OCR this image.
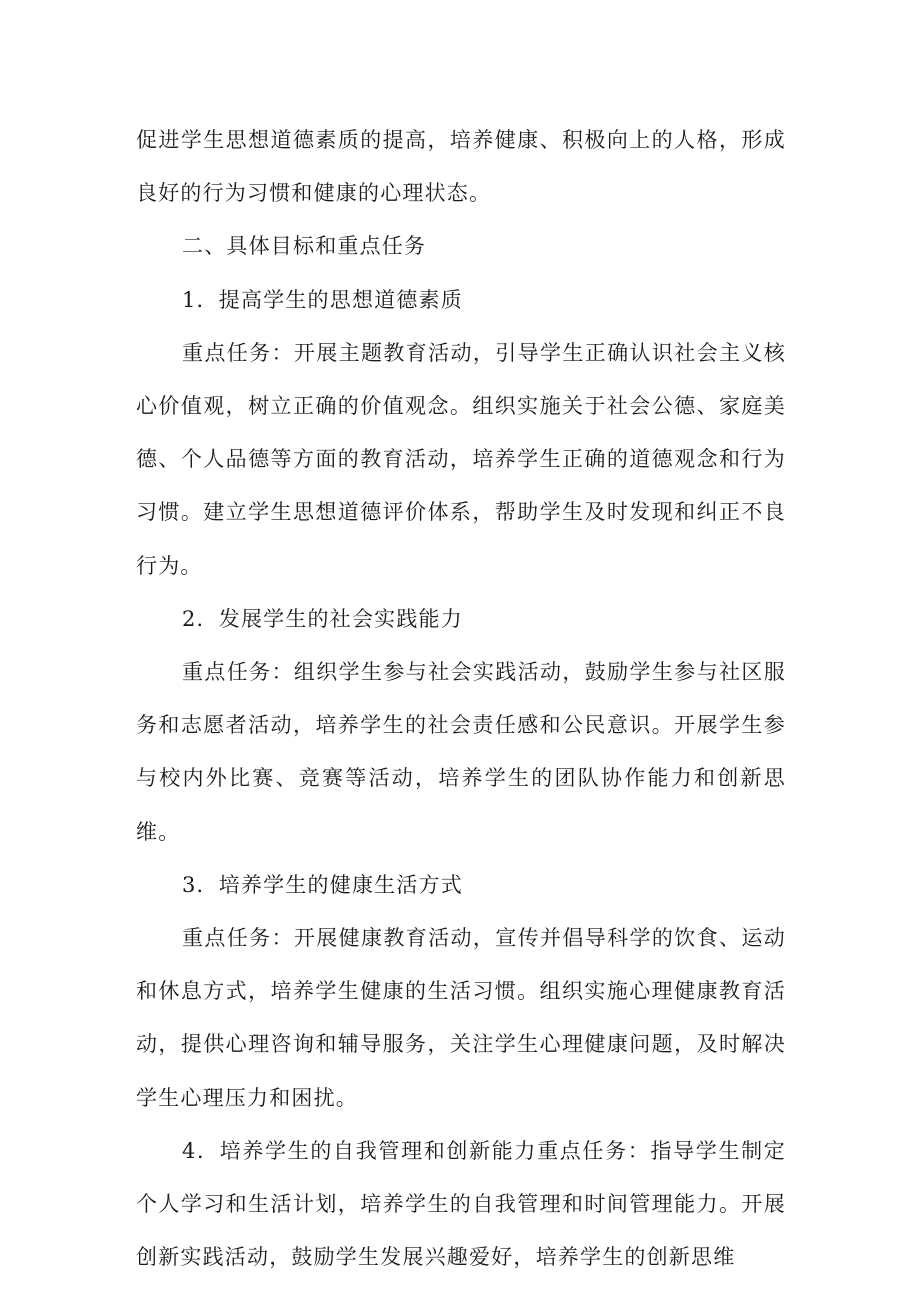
促进学生思想道德素质的提高，培养健康、积极向上的人格，形成良好的行为习惯和健康的心理状态。

二、具体目标和重点任务

1．提高学生的思想道德素质

重点任务：开展主题教育活动，引导学生正确认识社会主义核心价值观，树立正确的价值观念。组织实施关于社会公德、家庭美德、个人品德等方面的教育活动，培养学生正确的道德观念和行为习惯。建立学生思想道德评价体系，帮助学生及时发现和纠正不良行为。

2．发展学生的社会实践能力

重点任务：组织学生参与社会实践活动，鼓励学生参与社区服务和志愿者活动，培养学生的社会责任感和公民意识。开展学生参与校内外比赛、竞赛等活动，培养学生的团队协作能力和创新思维。

3．培养学生的健康生活方式

重点任务：开展健康教育活动，宣传并倡导科学的饮食、运动和休息方式，培养学生健康的生活习惯。组织实施心理健康教育活动，提供心理咨询和辅导服务，关注学生心理健康问题，及时解决学生心理压力和困扰。

4．培养学生的自我管理和创新能力重点任务：指导学生制定个人学习和生活计划，培养学生的自我管理和时间管理能力。开展创新实践活动，鼓励学生发展兴趣爱好，培养学生的创新思维
